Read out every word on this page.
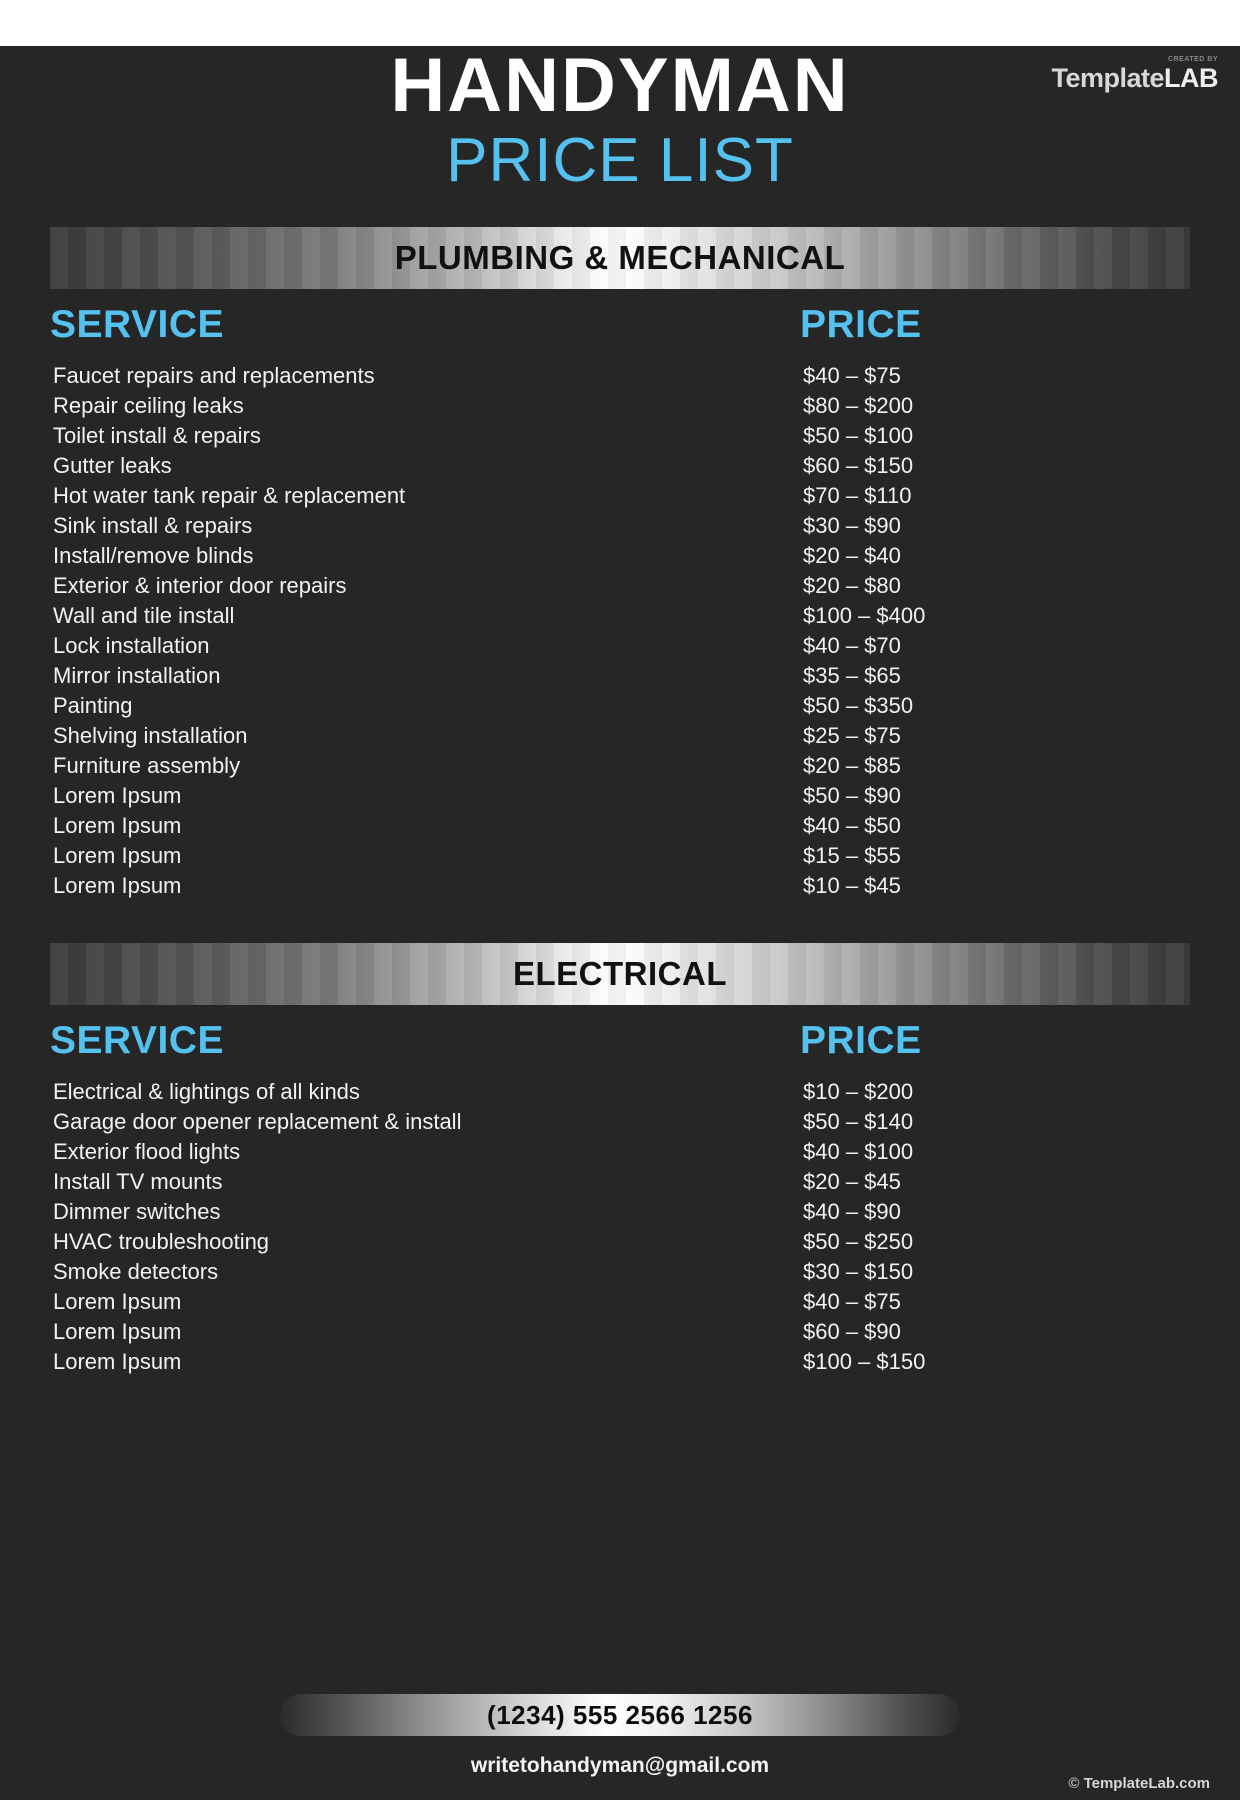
CREATED BY
TemplateLAB
HANDYMAN
PRICE LIST
PLUMBING & MECHANICAL
SERVICE	PRICE
Faucet repairs and replacements	$40 – $75
Repair ceiling leaks	$80 – $200
Toilet install & repairs	$50 – $100
Gutter leaks	$60 – $150
Hot water tank repair & replacement	$70 – $110
Sink install & repairs	$30 – $90
Install/remove blinds	$20 – $40
Exterior & interior door repairs	$20 – $80
Wall and tile install	$100 – $400
Lock installation	$40 – $70
Mirror installation	$35 – $65
Painting	$50 – $350
Shelving installation	$25 – $75
Furniture assembly	$20 – $85
Lorem Ipsum	$50 – $90
Lorem Ipsum	$40 – $50
Lorem Ipsum	$15 – $55
Lorem Ipsum	$10 – $45
ELECTRICAL
SERVICE	PRICE
Electrical & lightings of all kinds	$10 – $200
Garage door opener replacement & install	$50 – $140
Exterior flood lights	$40 – $100
Install TV mounts	$20 – $45
Dimmer switches	$40 – $90
HVAC troubleshooting	$50 – $250
Smoke detectors	$30 – $150
Lorem Ipsum	$40 – $75
Lorem Ipsum	$60 – $90
Lorem Ipsum	$100 – $150
(1234) 555 2566 1256
writetohandyman@gmail.com
© TemplateLab.com
